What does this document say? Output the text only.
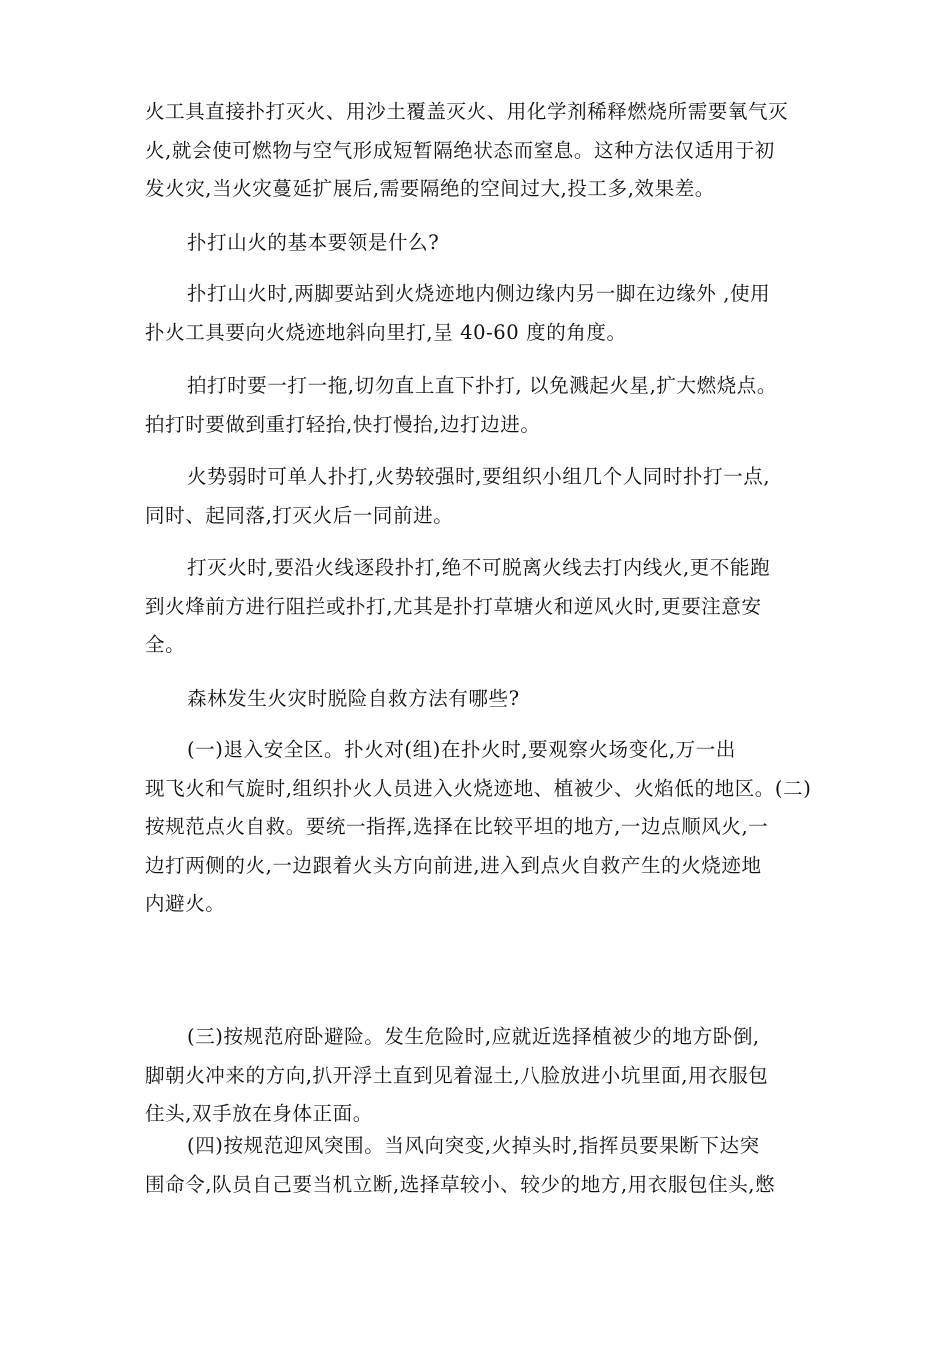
火工具直接扑打灭火、用沙土覆盖灭火、用化学剂稀释燃烧所需要氧气灭
火,就会使可燃物与空气形成短暂隔绝状态而窒息。这种方法仅适用于初
发火灾,当火灾蔓延扩展后,需要隔绝的空间过大,投工多,效果差。

扑打山火的基本要领是什么?

扑打山火时,两脚要站到火烧迹地内侧边缘内另一脚在边缘外 ,使用
扑火工具要向火烧迹地斜向里打,呈 40-60 度的角度。

拍打时要一打一拖,切勿直上直下扑打, 以免溅起火星,扩大燃烧点。
拍打时要做到重打轻抬,快打慢抬,边打边进。

火势弱时可单人扑打,火势较强时,要组织小组几个人同时扑打一点,
同时、起同落,打灭火后一同前进。

打灭火时,要沿火线逐段扑打,绝不可脱离火线去打内线火,更不能跑
到火烽前方进行阻拦或扑打,尤其是扑打草塘火和逆风火时,更要注意安
全。

森林发生火灾时脱险自救方法有哪些?

(一)退入安全区。扑火对(组)在扑火时,要观察火场变化,万一出
现飞火和气旋时,组织扑火人员进入火烧迹地、植被少、火焰低的地区。(二)
按规范点火自救。要统一指挥,选择在比较平坦的地方,一边点顺风火,一
边打两侧的火,一边跟着火头方向前进,进入到点火自救产生的火烧迹地
内避火。

(三)按规范府卧避险。发生危险时,应就近选择植被少的地方卧倒,
脚朝火冲来的方向,扒开浮土直到见着湿土,八脸放进小坑里面,用衣服包
住头,双手放在身体正面。

(四)按规范迎风突围。当风向突变,火掉头时,指挥员要果断下达突
围命令,队员自己要当机立断,选择草较小、较少的地方,用衣服包住头,憋
